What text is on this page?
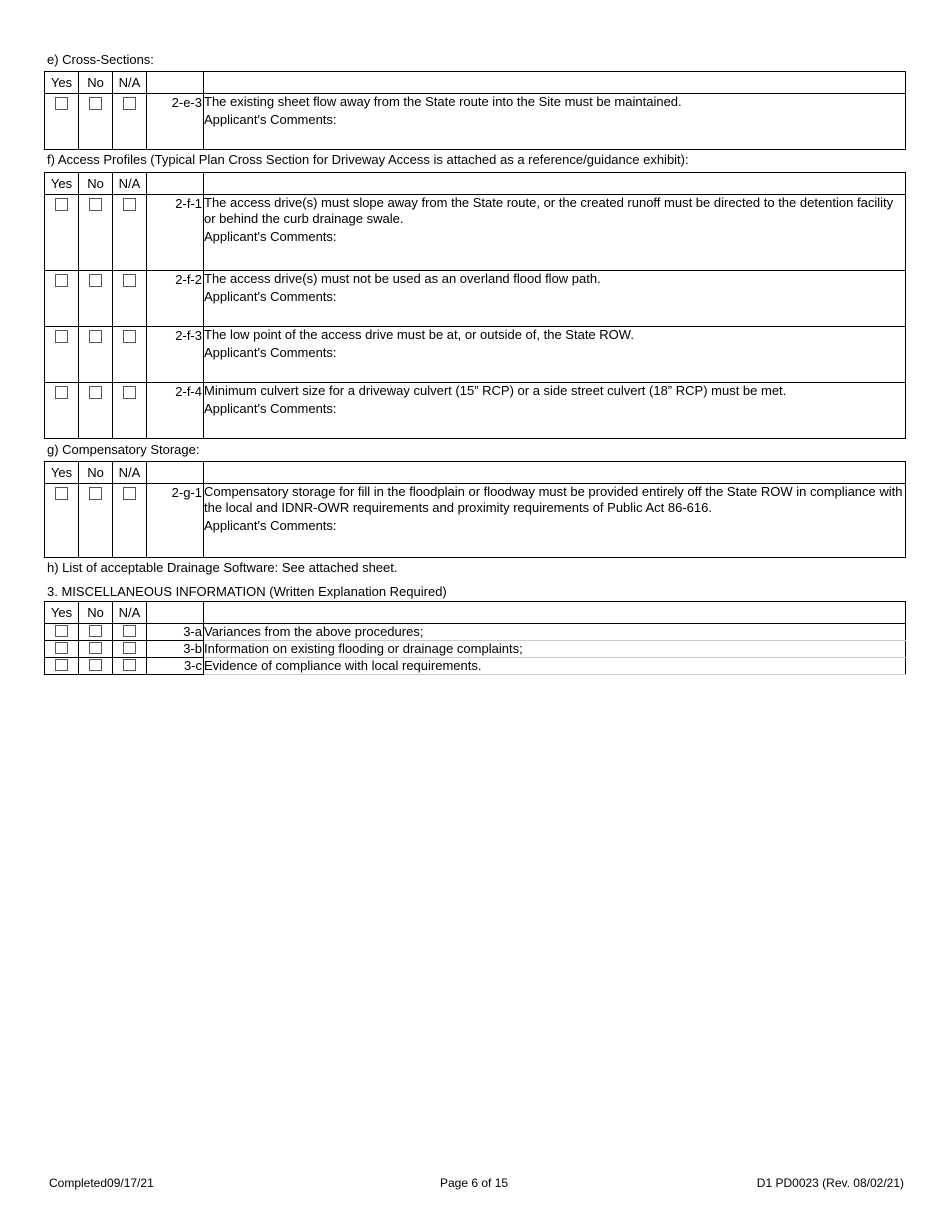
e) Cross-Sections:
Yes	No	N/A		

			2-e-3	The existing sheet flow away from the State route into the Site must be maintained.
Applicant's Comments:
f) Access Profiles (Typical Plan Cross Section for Driveway Access is attached as a reference/guidance exhibit):
Yes	No	N/A		

			2-f-1	The access drive(s) must slope away from the State route, or the created runoff must be directed to the detention facility or behind the curb drainage swale.
Applicant's Comments:

			2-f-2	The access drive(s) must not be used as an overland flood flow path.
Applicant's Comments:

			2-f-3	The low point of the access drive must be at, or outside of, the State ROW.
Applicant's Comments:

			2-f-4	Minimum culvert size for a driveway culvert (15” RCP) or a side street culvert (18” RCP) must be met.
Applicant's Comments:
g) Compensatory Storage:
Yes	No	N/A		

			2-g-1	Compensatory storage for fill in the floodplain or floodway must be provided entirely off the State ROW in compliance with the local and IDNR-OWR requirements and proximity requirements of Public Act 86-616.
Applicant's Comments:
h) List of acceptable Drainage Software: See attached sheet.
3. MISCELLANEOUS INFORMATION (Written Explanation Required)
Yes	No	N/A		

			3-a	Variances from the above procedures;

			3-b	Information on existing flooding or drainage complaints;

			3-c	Evidence of compliance with local requirements.
Completed09/17/21	Page 6 of 15	D1 PD0023 (Rev. 08/02/21)
